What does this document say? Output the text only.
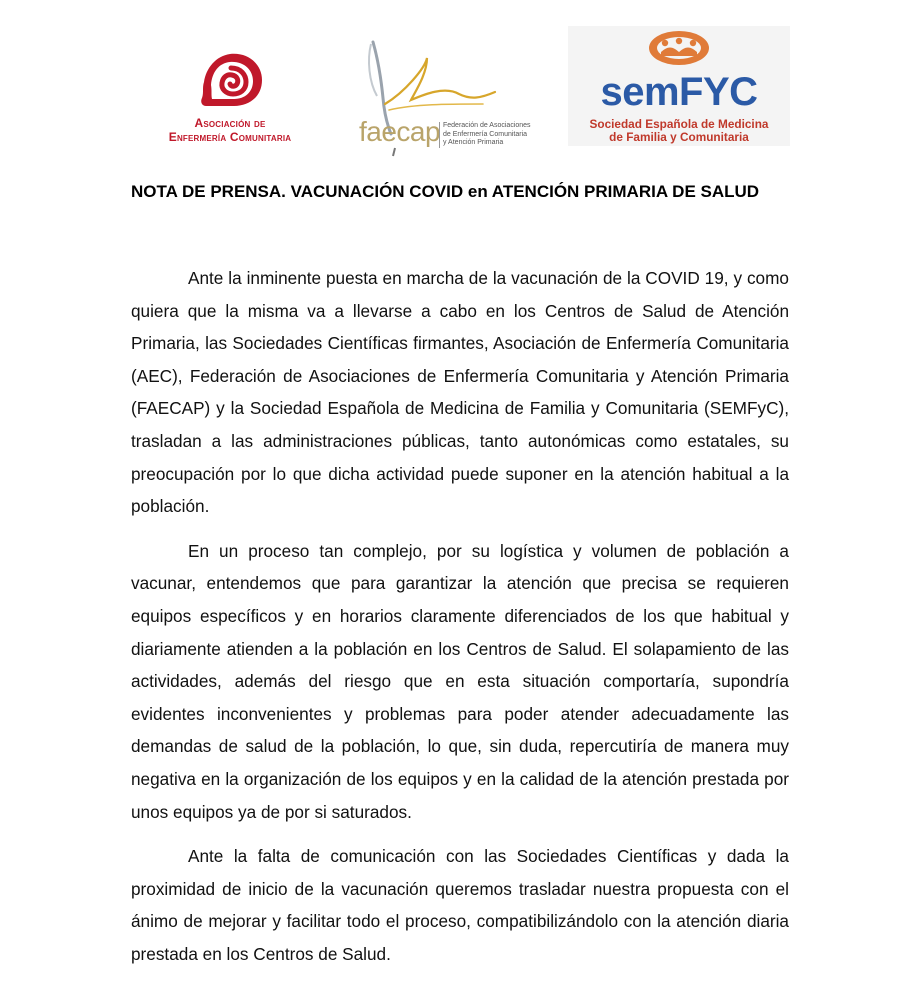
Asociación de
Enfermería Comunitaria	faecap Federación de Asociaciones
de Enfermería Comunitaria
y Atención Primaria
semFYC
Sociedad Española de Medicina
de Familia y Comunitaria
NOTA DE PRENSA. VACUNACIÓN COVID en ATENCIÓN PRIMARIA DE SALUD

Ante la inminente puesta en marcha de la vacunación de la COVID 19, y como quiera que la misma va a llevarse a cabo en los Centros de Salud de Atención Primaria, las Sociedades Científicas firmantes, Asociación de Enfermería Comunitaria (AEC), Federación de Asociaciones de Enfermería Comunitaria y Atención Primaria (FAECAP) y la Sociedad Española de Medicina de Familia y Comunitaria (SEMFyC), trasladan a las administraciones públicas, tanto autonómicas como estatales, su preocupación por lo que dicha actividad puede suponer en la atención habitual a la población.

En un proceso tan complejo, por su logística y volumen de población a vacunar, entendemos que para garantizar la atención que precisa se requieren equipos específicos y en horarios claramente diferenciados de los que habitual y diariamente atienden a la población en los Centros de Salud. El solapamiento de las actividades, además del riesgo que en esta situación comportaría, supondría evidentes inconvenientes y problemas para poder atender adecuadamente las demandas de salud de la población, lo que, sin duda, repercutiría de manera muy negativa en la organización de los equipos y en la calidad de la atención prestada por unos equipos ya de por si saturados.

Ante la falta de comunicación con las Sociedades Científicas y dada la proximidad de inicio de la vacunación queremos trasladar nuestra propuesta con el ánimo de mejorar y facilitar todo el proceso, compatibilizándolo con la atención diaria prestada en los Centros de Salud.
